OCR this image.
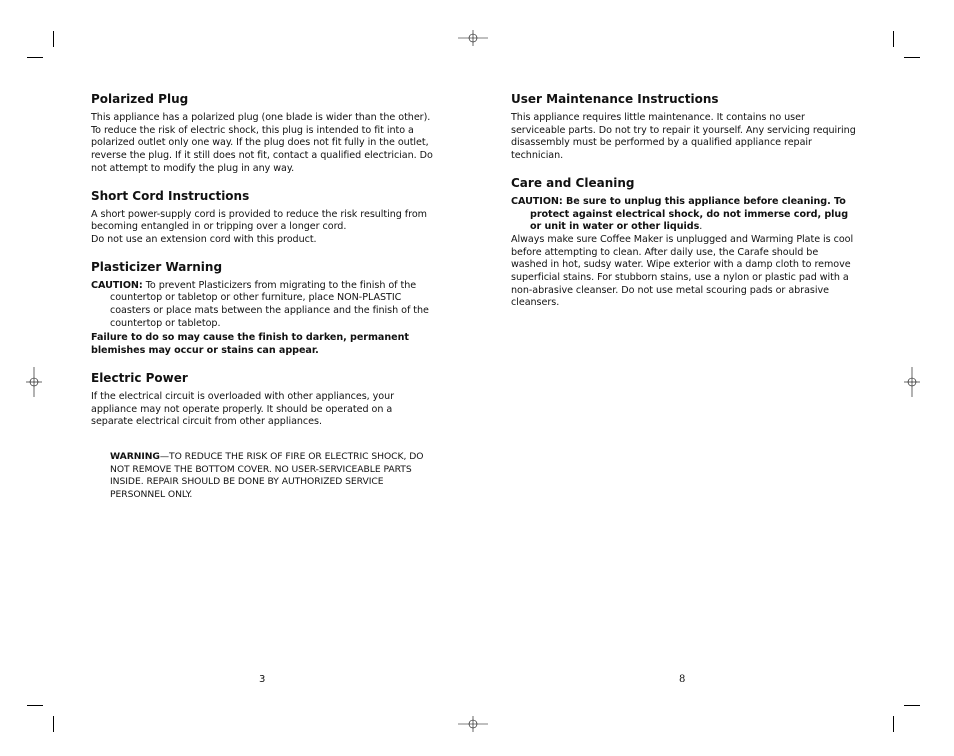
Polarized Plug

This appliance has a polarized plug (one blade is wider than the other). To reduce the risk of electric shock, this plug is intended to fit into a polarized outlet only one way. If the plug does not fit fully in the outlet, reverse the plug. If it still does not fit, contact a qualified electrician. Do not attempt to modify the plug in any way.

Short Cord Instructions

A short power-supply cord is provided to reduce the risk resulting from becoming entangled in or tripping over a longer cord.

Do not use an extension cord with this product.

Plasticizer Warning

CAUTION: To prevent Plasticizers from migrating to the finish of the countertop or tabletop or other furniture, place NON-PLASTIC coasters or place mats between the appliance and the finish of the countertop or tabletop.

Failure to do so may cause the finish to darken, permanent blemishes may occur or stains can appear.

Electric Power

If the electrical circuit is overloaded with other appliances, your appliance may not operate properly. It should be operated on a separate electrical circuit from other appliances.

WARNING—TO REDUCE THE RISK OF FIRE OR ELECTRIC SHOCK, DO NOT REMOVE THE BOTTOM COVER. NO USER-SERVICEABLE PARTS INSIDE. REPAIR SHOULD BE DONE BY AUTHORIZED SERVICE PERSONNEL ONLY.

User Maintenance Instructions

This appliance requires little maintenance. It contains no user serviceable parts. Do not try to repair it yourself. Any servicing requiring disassembly must be performed by a qualified appliance repair technician.

Care and Cleaning

CAUTION: Be sure to unplug this appliance before cleaning. To protect against electrical shock, do not immerse cord, plug or unit in water or other liquids.

Always make sure Coffee Maker is unplugged and Warming Plate is cool before attempting to clean. After daily use, the Carafe should be washed in hot, sudsy water. Wipe exterior with a damp cloth to remove superficial stains. For stubborn stains, use a nylon or plastic pad with a non-abrasive cleanser. Do not use metal scouring pads or abrasive cleansers.

3	8
